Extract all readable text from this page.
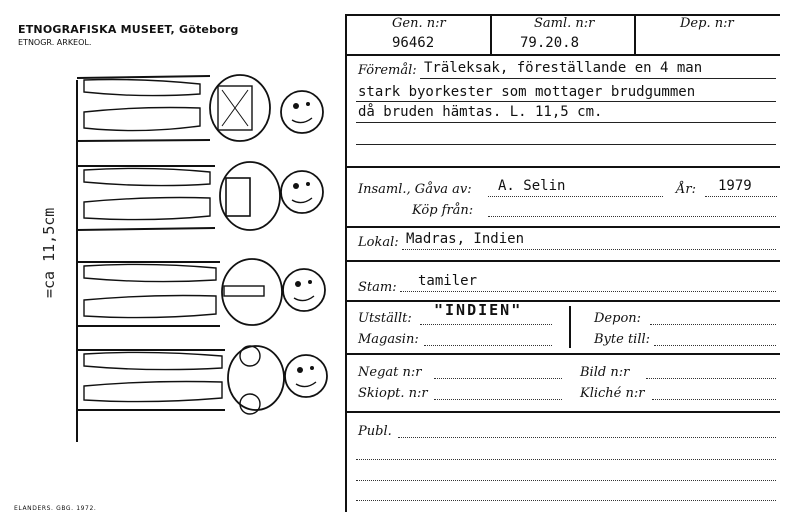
ETNOGRAFISKA MUSEET, Göteborg
ETNOGR. ARKEOL.
=ca 11,5cm
ELANDERS. GBG. 1972.
Gen. n:r
96462
Saml. n:r
79.20.8
Dep. n:r
Föremål: Träleksak, föreställande en 4 man
stark byorkester som mottager brudgummen
då bruden hämtas. L. 11,5 cm.
Insaml., Gåva av: A. Selin	År: 1979
Köp från:
Lokal: Madras, Indien
Stam: tamiler
Utställt: "INDIEN"
Magasin:
Depon:
Byte till:
Negat n:r	Bild n:r
Skiopt. n:r	Kliché n:r
Publ.
